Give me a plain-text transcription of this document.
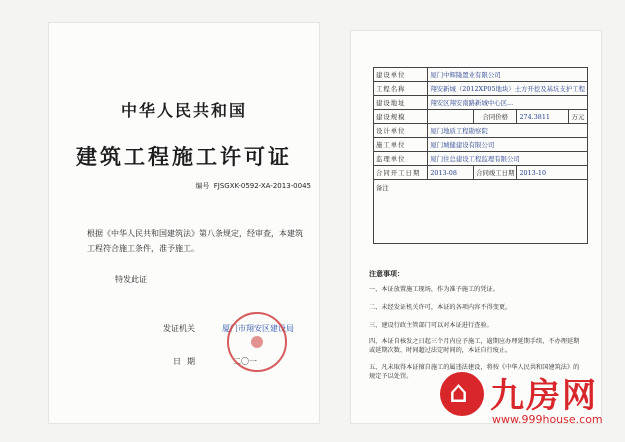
中华人民共和国
建筑工程施工许可证
编号 FJSGXK-0592-XA-2013-0045
根据《中华人民共和国建筑法》第八条规定，经审查，本建筑工程符合施工条件，准予施工。
特发此证
发证机关	厦门市翔安区建设局
日期	二〇一
建设单位	厦门中辉隆置业有限公司			
工程名称	翔安新城（2012XP05地块）土方开挖及基坑支护工程			
建设地址	翔安区翔安南路新城中心区...			
建设规模		合同价格	274.3811	万元
设计单位	厦门地质工程勘察院			
施工单位	厦门城健建设有限公司			
监理单位	厦门住总建设工程监理有限公司			
合同开工日期	2013-08	合同竣工日期	2013-10	
备注				
注意事项：
一、本证放置施工现场，作为准予施工的凭证。
二、未经发证机关许可，本证的各项内容不得变更。
三、建设行政主管部门可以对本证进行查验。
四、本证自核发之日起三个月内应予施工，逾期应办理延期手续，不办理延期或延期次数、时间超过法定时间的，本证自行废止。
五、凡未取得本证擅自施工的属违法建设，将按《中华人民共和国建筑法》的规定予以处罚。 ⌂	九房网
www.999house.com
